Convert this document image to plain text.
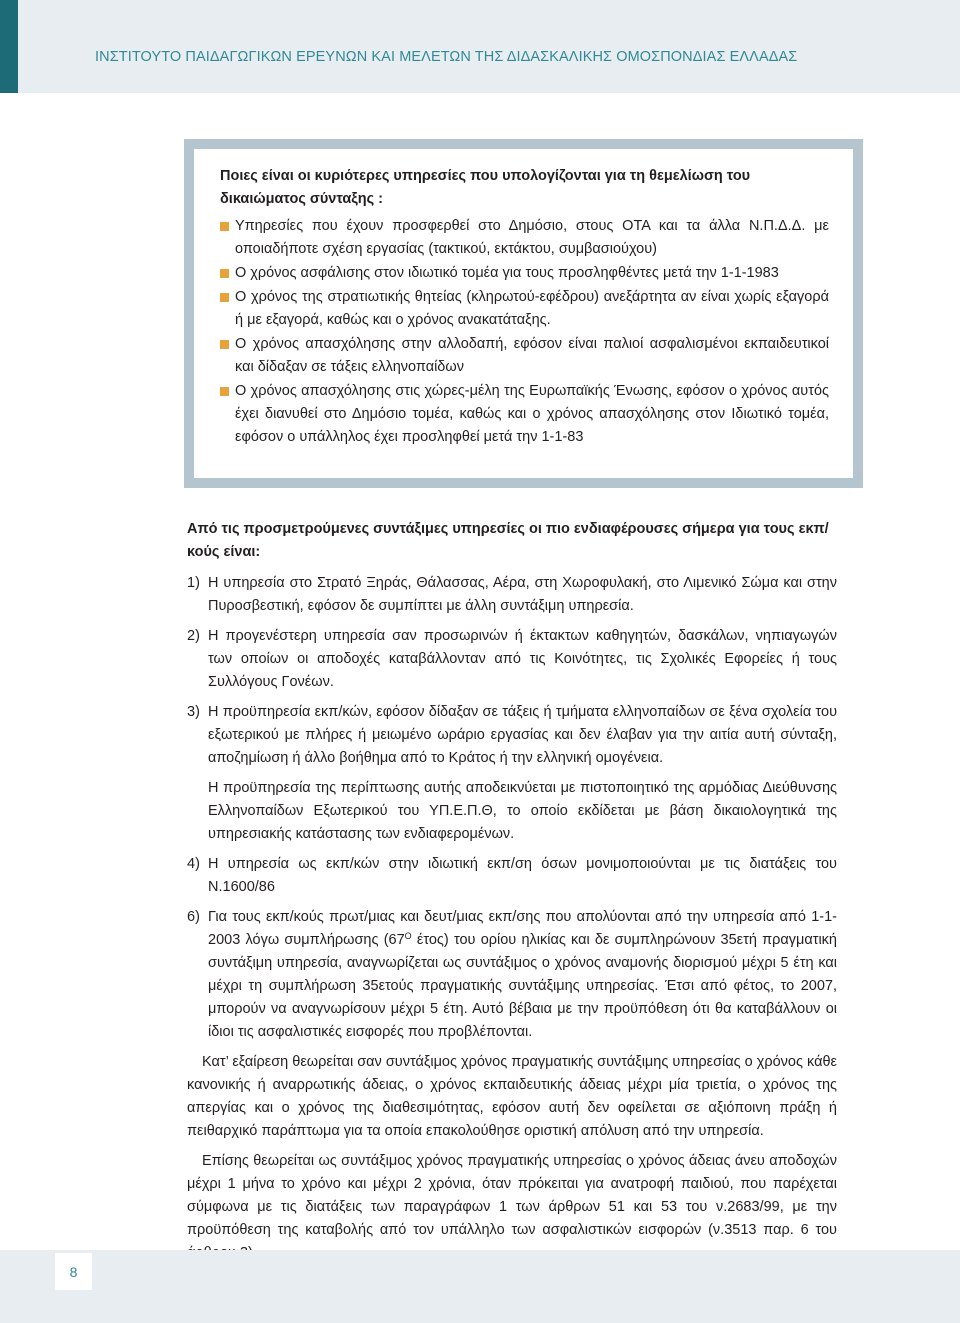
ΙΝΣΤΙΤΟΥΤΟ ΠΑΙΔΑΓΩΓΙΚΩΝ ΕΡΕΥΝΩΝ ΚΑΙ ΜΕΛΕΤΩΝ ΤΗΣ ΔΙΔΑΣΚΑΛΙΚΗΣ ΟΜΟΣΠΟΝΔΙΑΣ ΕΛΛΑΔΑΣ
Ποιες είναι οι κυριότερες υπηρεσίες που υπολογίζονται για τη θεμελίωση του δικαιώματος σύνταξης :
Υπηρεσίες που έχουν προσφερθεί στο Δημόσιο, στους ΟΤΑ και τα άλλα Ν.Π.Δ.Δ. με οποιαδήποτε σχέση εργασίας (τακτικού, εκτάκτου, συμβασιούχου)
Ο χρόνος ασφάλισης στον ιδιωτικό τομέα για τους προσληφθέντες μετά την 1-1-1983
Ο χρόνος της στρατιωτικής θητείας (κληρωτού-εφέδρου) ανεξάρτητα αν είναι χωρίς εξαγορά ή με εξαγορά, καθώς και ο χρόνος ανακατάταξης.
Ο χρόνος απασχόλησης στην αλλοδαπή, εφόσον είναι παλιοί ασφαλισμένοι εκπαιδευτικοί και δίδαξαν σε τάξεις ελληνοπαίδων
Ο χρόνος απασχόλησης στις χώρες-μέλη της Ευρωπαϊκής Ένωσης, εφόσον ο χρόνος αυτός έχει διανυθεί στο Δημόσιο τομέα, καθώς και ο χρόνος απασχόλησης στον Ιδιωτικό τομέα, εφόσον ο υπάλληλος έχει προσληφθεί μετά την 1-1-83
Από τις προσμετρούμενες συντάξιμες υπηρεσίες οι πιο ενδιαφέρουσες σήμερα για τους εκπ/κούς είναι:
1) Η υπηρεσία στο Στρατό Ξηράς, Θάλασσας, Αέρα, στη Χωροφυλακή, στο Λιμενικό Σώμα και στην Πυροσβεστική, εφόσον δε συμπίπτει με άλλη συντάξιμη υπηρεσία.
2) Η προγενέστερη υπηρεσία σαν προσωρινών ή έκτακτων καθηγητών, δασκάλων, νηπιαγωγών των οποίων οι αποδοχές καταβάλλονταν από τις Κοινότητες, τις Σχολικές Εφορείες ή τους Συλλόγους Γονέων.
3) Η προϋπηρεσία εκπ/κών, εφόσον δίδαξαν σε τάξεις ή τμήματα ελληνοπαίδων σε ξένα σχολεία του εξωτερικού με πλήρες ή μειωμένο ωράριο εργασίας και δεν έλαβαν για την αιτία αυτή σύνταξη, αποζημίωση ή άλλο βοήθημα από το Κράτος ή την ελληνική ομογένεια.
Η προϋπηρεσία της περίπτωσης αυτής αποδεικνύεται με πιστοποιητικό της αρμόδιας Διεύθυνσης Ελληνοπαίδων Εξωτερικού του ΥΠ.Ε.Π.Θ, το οποίο εκδίδεται με βάση δικαιολογητικά της υπηρεσιακής κατάστασης των ενδιαφερομένων.
4) Η υπηρεσία ως εκπ/κών στην ιδιωτική εκπ/ση όσων μονιμοποιούνται με τις διατάξεις του Ν.1600/86
6) Για τους εκπ/κούς πρωτ/μιας και δευτ/μιας εκπ/σης που απολύονται από την υπηρεσία από 1-1-2003 λόγω συμπλήρωσης ($67^O$ έτος) του ορίου ηλικίας και δε συμπληρώνουν 35ετή πραγματική συντάξιμη υπηρεσία, αναγνωρίζεται ως συντάξιμος ο χρόνος αναμονής διορισμού μέχρι 5 έτη και μέχρι τη συμπλήρωση 35ετούς πραγματικής συντάξιμης υπηρεσίας. Έτσι από φέτος, το 2007, μπορούν να αναγνωρίσουν μέχρι 5 έτη. Αυτό βέβαια με την προϋπόθεση ότι θα καταβάλλουν οι ίδιοι τις ασφαλιστικές εισφορές που προβλέπονται.
Κατ’ εξαίρεση θεωρείται σαν συντάξιμος χρόνος πραγματικής συντάξιμης υπηρεσίας ο χρόνος κάθε κανονικής ή αναρρωτικής άδειας, ο χρόνος εκπαιδευτικής άδειας μέχρι μία τριετία, ο χρόνος της απεργίας και ο χρόνος της διαθεσιμότητας, εφόσον αυτή δεν οφείλεται σε αξιόποινη πράξη ή πειθαρχικό παράπτωμα για τα οποία επακολούθησε οριστική απόλυση από την υπηρεσία.
Επίσης θεωρείται ως συντάξιμος χρόνος πραγματικής υπηρεσίας ο χρόνος άδειας άνευ αποδοχών μέχρι 1 μήνα το χρόνο και μέχρι 2 χρόνια, όταν πρόκειται για ανατροφή παιδιού, που παρέχεται σύμφωνα με τις διατάξεις των παραγράφων 1 των άρθρων 51 και 53 του ν.2683/99, με την προϋπόθεση της καταβολής από τον υπάλληλο των ασφαλιστικών εισφορών (ν.3513 παρ. 6 του
8
